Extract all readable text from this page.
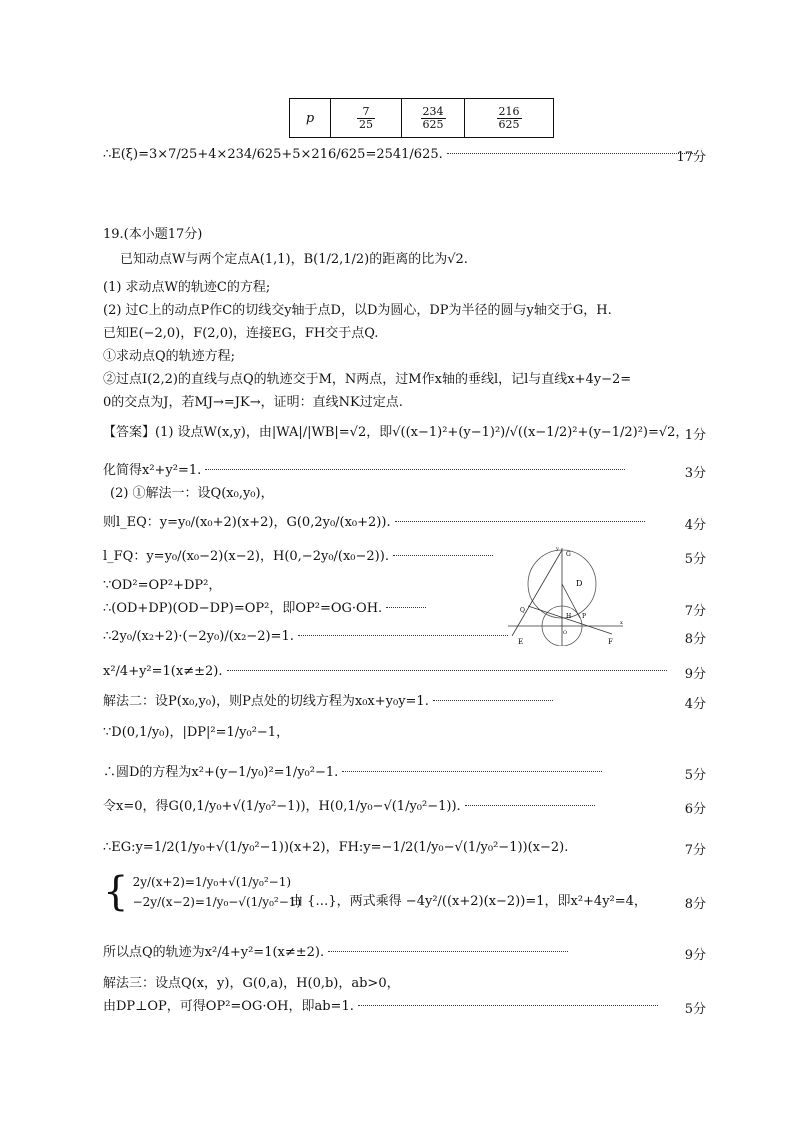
p	$\frac{7}{25}$	$\frac{234}{625}$	$\frac{216}{625}$
∴E(ξ)=3×7/25+4×234/625+5×216/625=2541/625.	17分
19.(本小题17分)
已知动点W与两个定点A(1,1)，B(1/2,1/2)的距离的比为√2.
(1) 求动点W的轨迹C的方程;
(2) 过C上的动点P作C的切线交y轴于点D，以D为圆心，DP为半径的圆与y轴交于G，H.
已知E(−2,0)，F(2,0)，连接EG，FH交于点Q.
①求动点Q的轨迹方程;
②过点I(2,2)的直线与点Q的轨迹交于M，N两点，过M作x轴的垂线l，记l与直线x+4y−2=
0的交点为J，若MJ→=JK→，证明：直线NK过定点.
【答案】(1) 设点W(x,y)，由|WA|/|WB|=√2，即√((x−1)²+(y−1)²)/√((x−1/2)²+(y−1/2)²)=√2，
1分
化简得x²+y²=1.	3分
(2) ①解法一：设Q(x₀,y₀)，
则l_EQ：y=y₀/(x₀+2)(x+2)，G(0,2y₀/(x₀+2)).	4分
l_FQ：y=y₀/(x₀−2)(x−2)，H(0,−2y₀/(x₀−2)).	5分
∵OD²=OP²+DP²，
∴(OD+DP)(OD−DP)=OP²，即OP²=OG·OH.	7分
∴2y₀/(x₂+2)·(−2y₀)/(x₂−2)=1.	8分
x²/4+y²=1(x≠±2).	9分
解法二：设P(x₀,y₀)，则P点处的切线方程为x₀x+y₀y=1.	4分
∵D(0,1/y₀)，|DP|²=1/y₀²−1，
∴圆D的方程为x²+(y−1/y₀)²=1/y₀²−1.	5分
令x=0，得G(0,1/y₀+√(1/y₀²−1))，H(0,1/y₀−√(1/y₀²−1)).	6分
∴EG:y=1/2(1/y₀+√(1/y₀²−1))(x+2)，FH:y=−1/2(1/y₀−√(1/y₀²−1))(x−2).	7分
{ 2y/(x+2)=1/y₀+√(1/y₀²−1)
−2y/(x−2)=1/y₀−√(1/y₀²−1)
由 {…}，两式乘得 −4y²/((x+2)(x−2))=1，即x²+4y²=4，	8分
所以点Q的轨迹为x²/4+y²=1(x≠±2).	9分
解法三：设点Q(x，y)，G(0,a)，H(0,b)，ab>0，
由DP⊥OP，可得OP²=OG·OH，即ab=1.	5分
G
y
D
H P
Q
O
x
E	F
